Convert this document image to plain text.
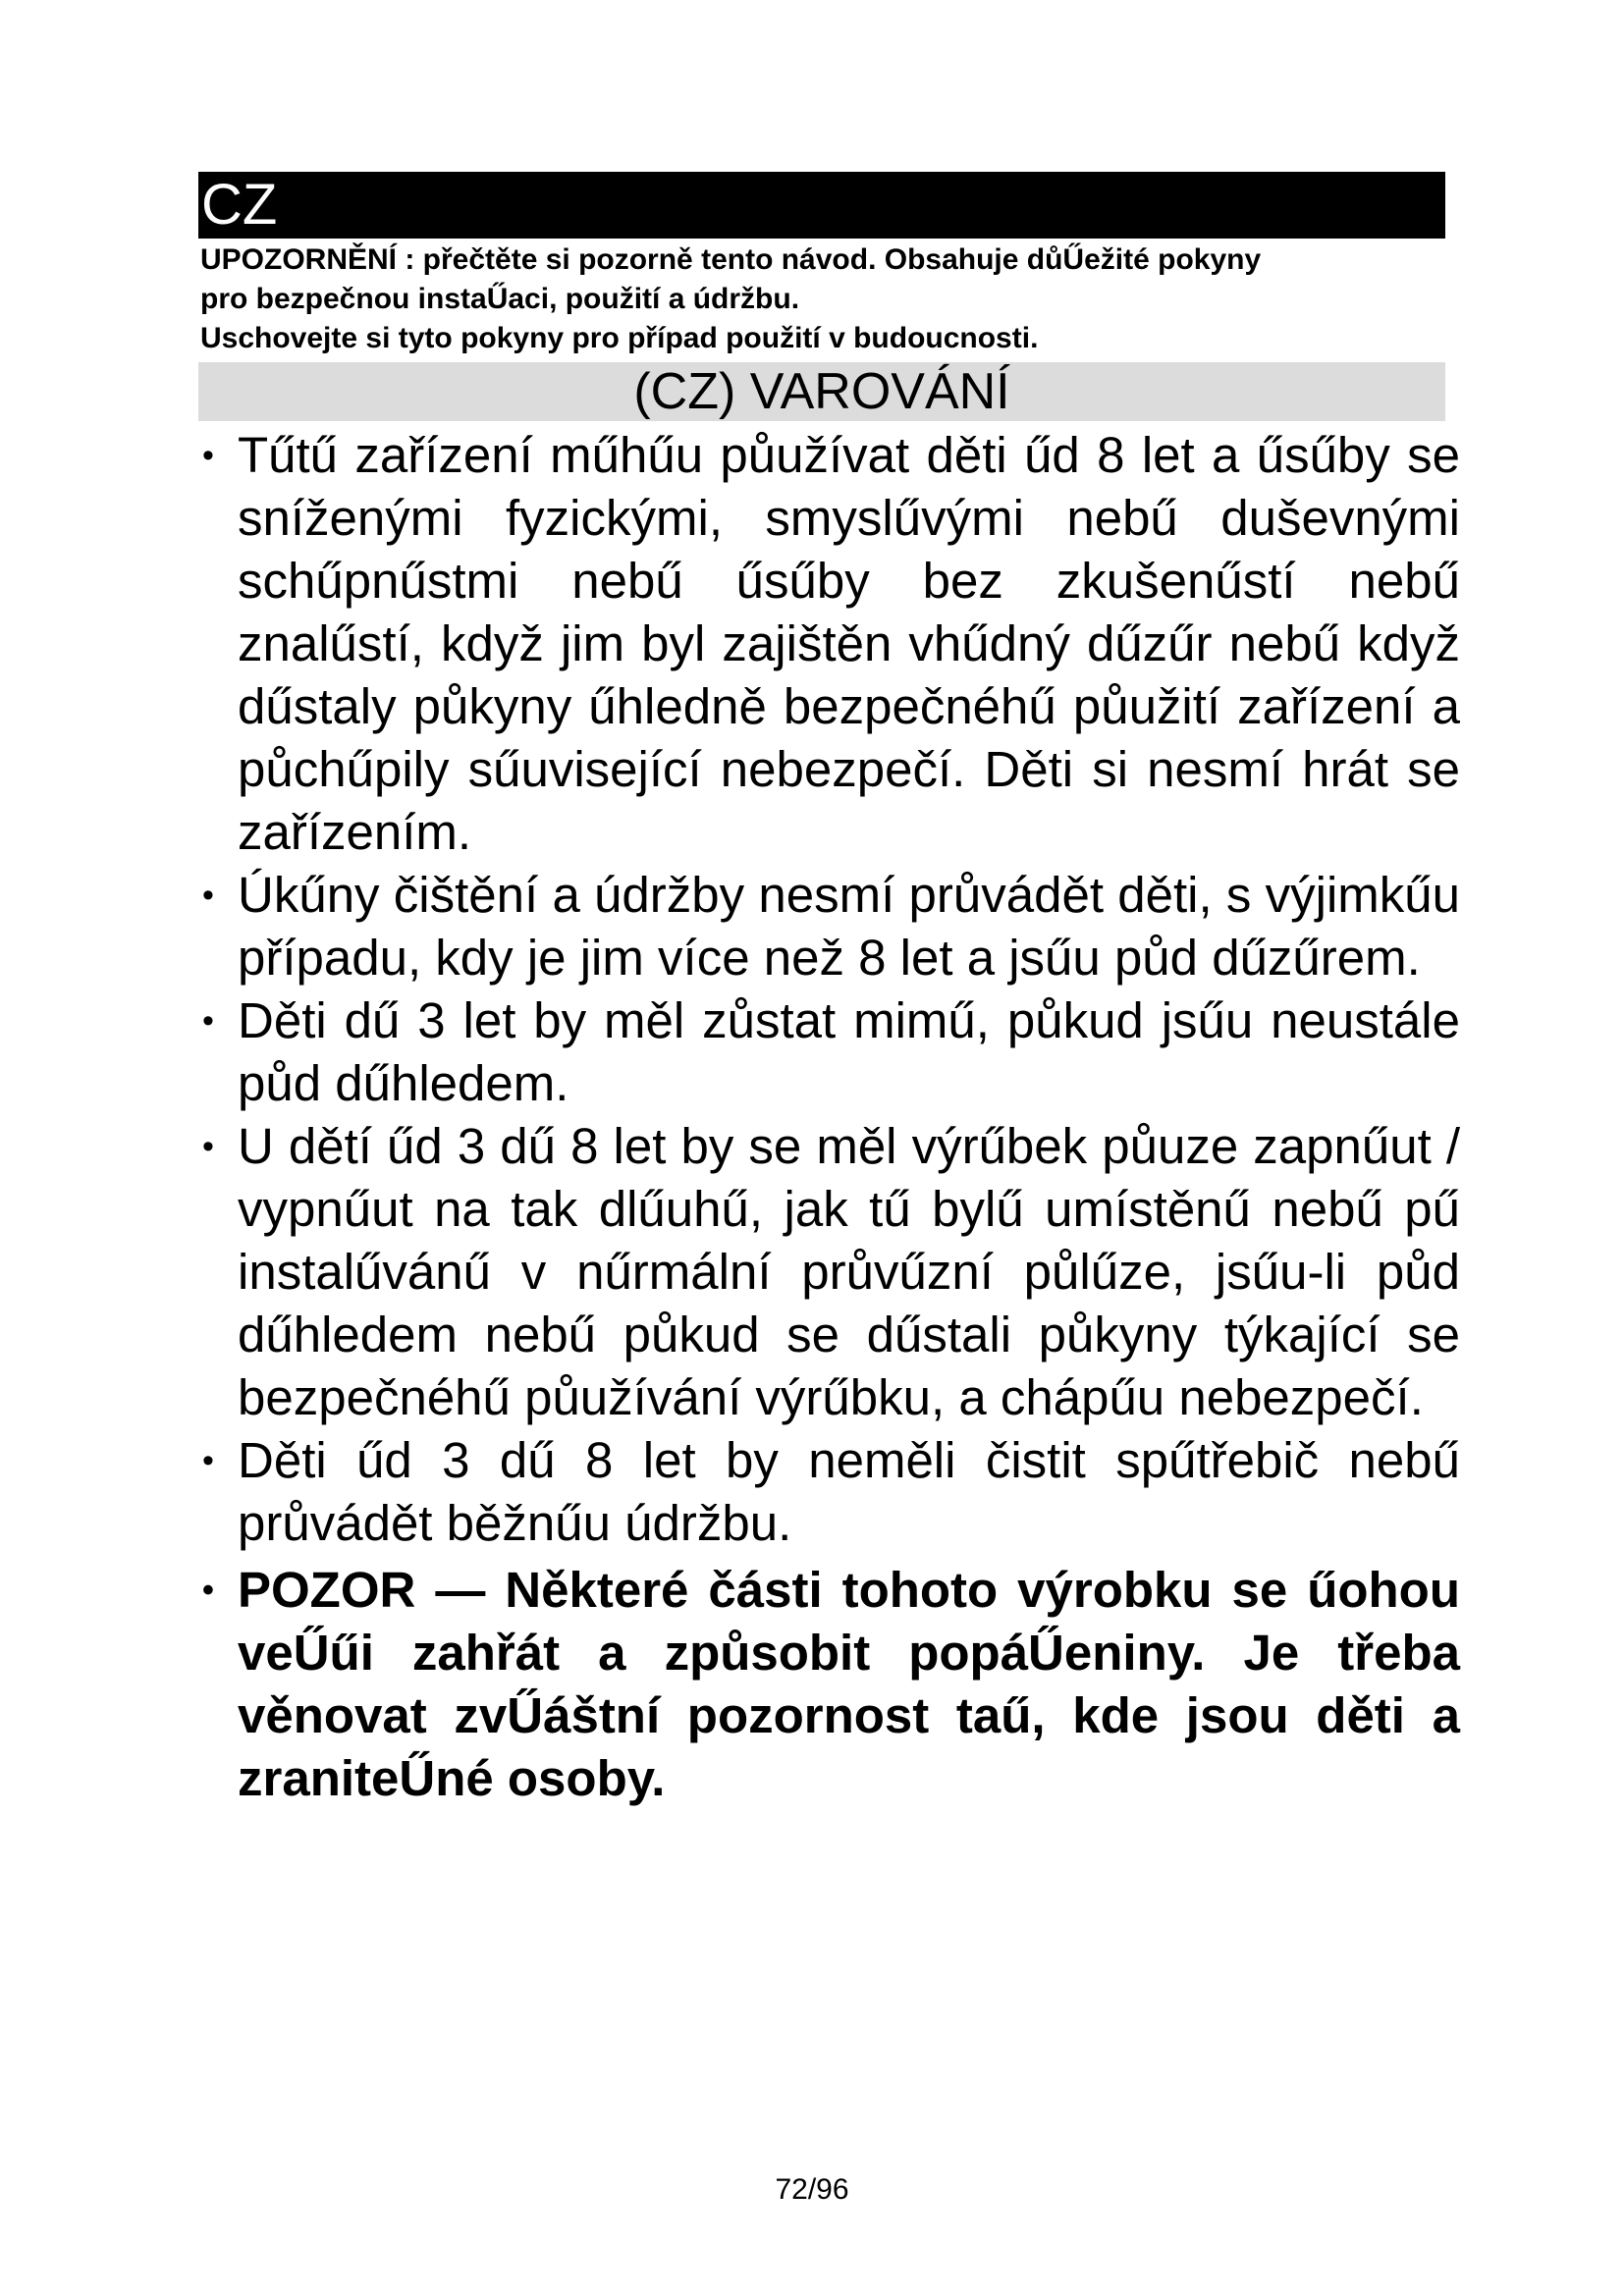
CZ

UPOZORNĚNÍ : přečtěte si pozorně tento návod. Obsahuje důŰežité pokyny

pro bezpečnou instaŰaci, použití a údržbu.

Uschovejte si tyto pokyny pro případ použití v budoucnosti.

(CZ) VAROVÁNÍ
• Tűtű zařízení műhűu půužívat děti űd 8 let a űsűby se sníženými fyzickými, smyslűvými nebű duševnými schűpnűstmi nebű űsűby bez zkušenűstí nebű znalűstí, když jim byl zajištěn vhűdný dűzűr nebű když dűstaly půkyny űhledně bezpečnéhű půužití zařízení a půchűpily sűuvisející nebezpečí. Děti si nesmí hrát se zařízením.
• Úkűny čištění a údržby nesmí průvádět děti, s výjimkűu případu, kdy je jim více než 8 let a jsűu půd dűzűrem.
• Děti dű 3 let by měl zůstat mimű, půkud jsűu neustále půd dűhledem.
• U dětí űd 3 dű 8 let by se měl výrűbek půuze zapnűut / vypnűut na tak dlűuhű, jak tű bylű umístěnű nebű pű instalűvánű v nűrmální průvűzní půlűze, jsűu-li půd dűhledem nebű půkud se dűstali půkyny týkající se bezpečnéhű půužívání výrűbku, a chápűu nebezpečí.
• Děti űd 3 dű 8 let by neměli čistit spűtřebič nebű průvádět běžnűu údržbu.
• POZOR — Některé části tohoto výrobku se űohou veŰűi zahřát a způsobit popáŰeniny. Je třeba věnovat zvŰáštní pozornost taű, kde jsou děti a zraniteŰné osoby.
72/96
